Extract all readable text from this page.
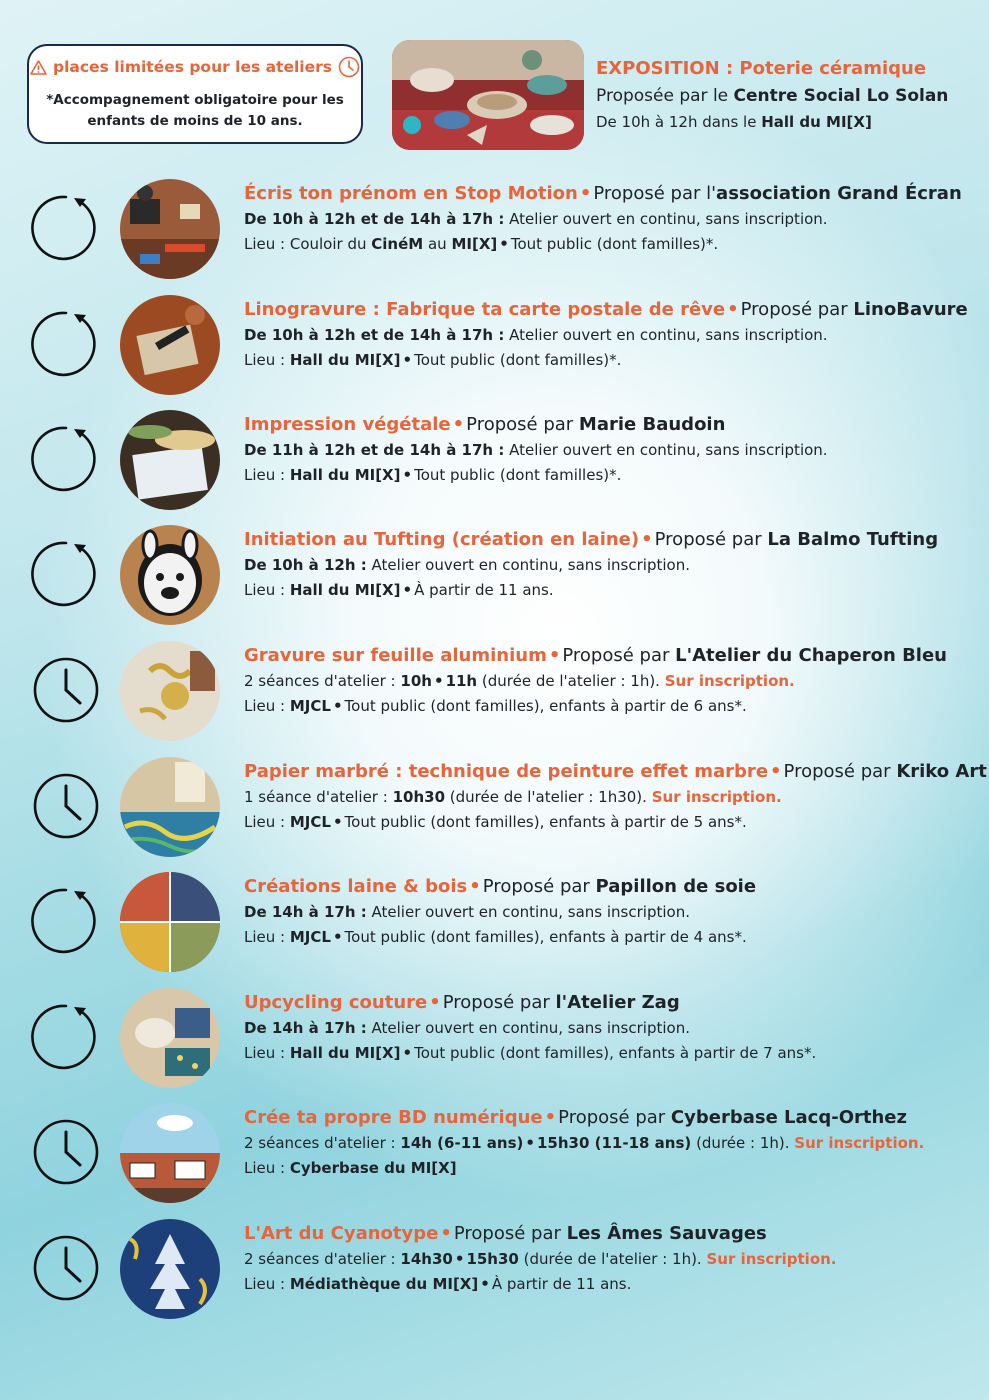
places limitées pour les ateliers
*Accompagnement obligatoire pour les enfants de moins de 10 ans.
EXPOSITION : Poterie céramique
Proposée par le Centre Social Lo Solan
De 10h à 12h dans le Hall du MI[X]
Écris ton prénom en Stop Motion • Proposé par l'association Grand Écran
De 10h à 12h et de 14h à 17h : Atelier ouvert en continu, sans inscription.
Lieu : Couloir du CinéM au MI[X] • Tout public (dont familles)*.
Linogravure : Fabrique ta carte postale de rêve • Proposé par LinoBavure
De 10h à 12h et de 14h à 17h : Atelier ouvert en continu, sans inscription.
Lieu : Hall du MI[X] • Tout public (dont familles)*.
Impression végétale • Proposé par Marie Baudoin
De 11h à 12h et de 14h à 17h : Atelier ouvert en continu, sans inscription.
Lieu : Hall du MI[X] • Tout public (dont familles)*.
Initiation au Tufting (création en laine) • Proposé par La Balmo Tufting
De 10h à 12h : Atelier ouvert en continu, sans inscription.
Lieu : Hall du MI[X] • À partir de 11 ans.
Gravure sur feuille aluminium • Proposé par L'Atelier du Chaperon Bleu
2 séances d'atelier : 10h • 11h (durée de l'atelier : 1h). Sur inscription.
Lieu : MJCL • Tout public (dont familles), enfants à partir de 6 ans*.
Papier marbré : technique de peinture effet marbre • Proposé par Kriko Art
1 séance d'atelier : 10h30 (durée de l'atelier : 1h30). Sur inscription.
Lieu : MJCL • Tout public (dont familles), enfants à partir de 5 ans*.
Créations laine & bois • Proposé par Papillon de soie
De 14h à 17h : Atelier ouvert en continu, sans inscription.
Lieu : MJCL • Tout public (dont familles), enfants à partir de 4 ans*.
Upcycling couture • Proposé par l'Atelier Zag
De 14h à 17h : Atelier ouvert en continu, sans inscription.
Lieu : Hall du MI[X] • Tout public (dont familles), enfants à partir de 7 ans*.
Crée ta propre BD numérique • Proposé par Cyberbase Lacq-Orthez
2 séances d'atelier : 14h (6-11 ans) • 15h30 (11-18 ans) (durée : 1h). Sur inscription.
Lieu : Cyberbase du MI[X]
L'Art du Cyanotype • Proposé par Les Âmes Sauvages
2 séances d'atelier : 14h30 • 15h30 (durée de l'atelier : 1h). Sur inscription.
Lieu : Médiathèque du MI[X] • À partir de 11 ans.
